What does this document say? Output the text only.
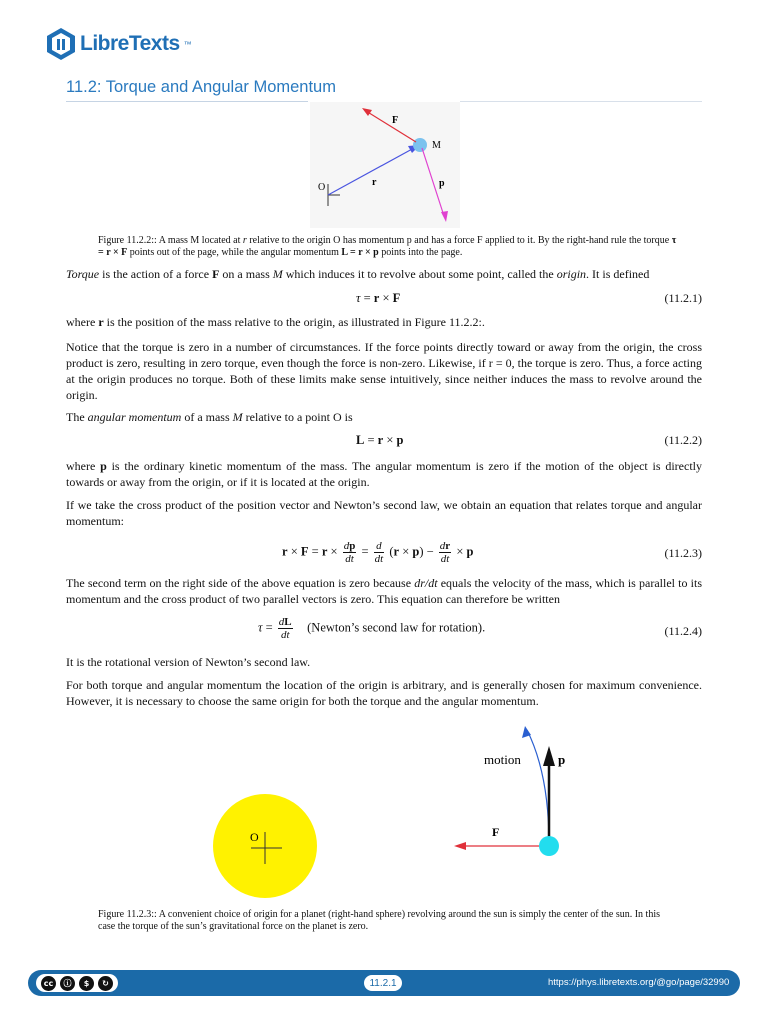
LibreTexts ™
11.2: Torque and Angular Momentum
F
M
O	r	p
Figure 11.2.2:: A mass M located at r relative to the origin O has momentum p and has a force F applied to it. By the right-hand rule the torque τ = r × F points out of the page, while the angular momentum L = r × p points into the page.
Torque is the action of a force F on a mass M which induces it to revolve about some point, called the origin. It is defined
τ = r × F	(11.2.1)
where r is the position of the mass relative to the origin, as illustrated in Figure 11.2.2:.
Notice that the torque is zero in a number of circumstances. If the force points directly toward or away from the origin, the cross product is zero, resulting in zero torque, even though the force is non-zero. Likewise, if r = 0, the torque is zero. Thus, a force acting at the origin produces no torque. Both of these limits make sense intuitively, since neither induces the mass to revolve around the origin.
The angular momentum of a mass M relative to a point O is
L = r × p	(11.2.2)
where p is the ordinary kinetic momentum of the mass. The angular momentum is zero if the motion of the object is directly towards or away from the origin, or if it is located at the origin.
If we take the cross product of the position vector and Newton’s second law, we obtain an equation that relates torque and angular momentum:
$r \times F = r \times \frac{dp}{dt} = \frac{d}{dt} (r \times p) - \frac{dr}{dt} \times p$	(11.2.3)
The second term on the right side of the above equation is zero because dr/dt equals the velocity of the mass, which is parallel to its momentum and the cross product of two parallel vectors is zero. This equation can therefore be written
$\tau = \frac{dL}{dt}$ (Newton’s second law for rotation).	(11.2.4)
It is the rotational version of Newton’s second law.
For both torque and angular momentum the location of the origin is arbitrary, and is generally chosen for maximum convenience. However, it is necessary to choose the same origin for both the torque and the angular momentum.
O
motion	p
F
Figure 11.2.3:: A convenient choice of origin for a planet (right-hand sphere) revolving around the sun is simply the center of the sun. In this case the torque of the sun’s gravitational force on the planet is zero.
cc	ⓘ	$	↻	11.2.1	https://phys.libretexts.org/@go/page/32990
